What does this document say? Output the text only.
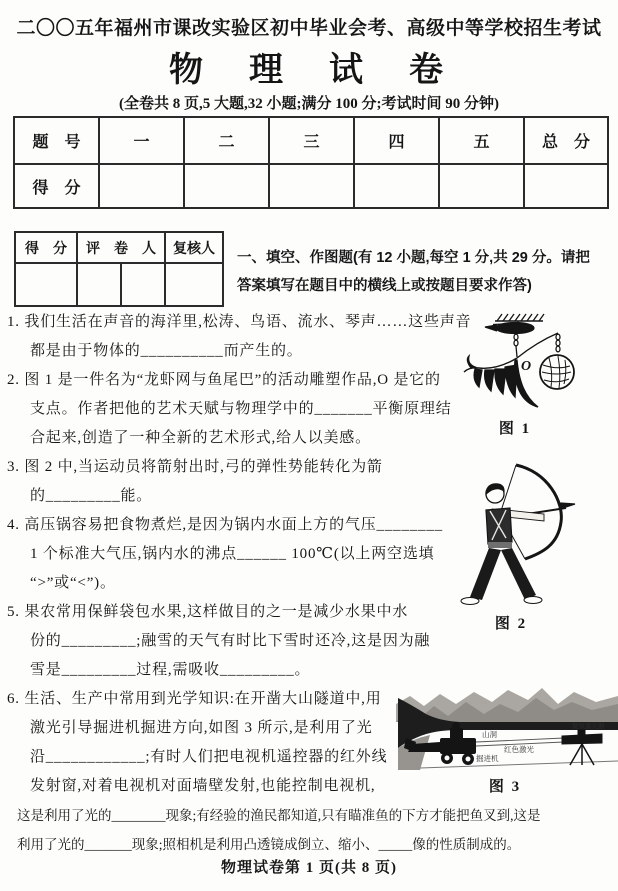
二〇〇五年福州市课改实验区初中毕业会考、高级中等学校招生考试
物　理　试　卷
(全卷共 8 页,5 大题,32 小题;满分 100 分;考试时间 90 分钟)
题　号	一	二	三	四	五	总　分
得　分						
得　分	评　卷　人		复核人

一、填空、作图题(有 12 小题,每空 1 分,共 29 分。请把
答案填写在题目中的横线上或按题目要求作答)
1. 我们生活在声音的海洋里,松涛、鸟语、流水、琴声……这些声音
都是由于物体的__________而产生的。
2. 图 1 是一件名为“龙虾网与鱼尾巴”的活动雕塑作品,O 是它的
支点。作者把他的艺术天赋与物理学中的_______平衡原理结
合起来,创造了一种全新的艺术形式,给人以美感。
3. 图 2 中,当运动员将箭射出时,弓的弹性势能转化为箭
的_________能。
4. 高压锅容易把食物煮烂,是因为锅内水面上方的气压________
1 个标准大气压,锅内水的沸点______ 100℃(以上两空选填
“>”或“<”)。
5. 果农常用保鲜袋包水果,这样做目的之一是减少水果中水
份的_________;融雪的天气有时比下雪时还冷,这是因为融
雪是_________过程,需吸收_________。
6. 生活、生产中常用到光学知识:在开凿大山隧道中,用
激光引导掘进机掘进方向,如图 3 所示,是利用了光
沿____________;有时人们把电视机遥控器的红外线
发射窗,对着电视机对面墙壁发射,也能控制电视机,
这是利用了光的________现象;有经验的渔民都知道,只有瞄准鱼的下方才能把鱼叉到,这是
利用了光的_______现象;照相机是利用凸透镜成倒立、缩小、_____像的性质制成的。
O
图 1
图 2
山洞
红色激光
掘进机
氦氖激光器
图 3
物理试卷第 1 页(共 8 页)
